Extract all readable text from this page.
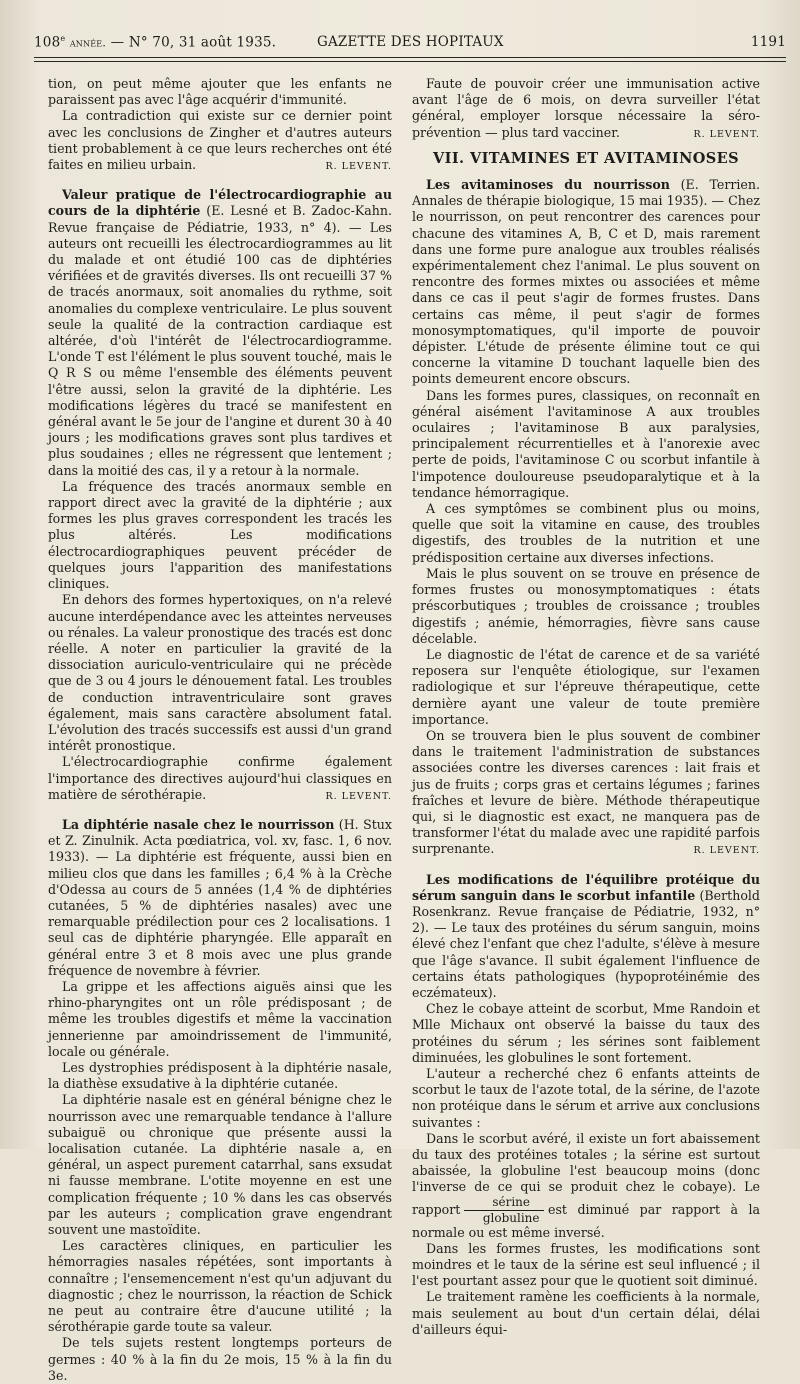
108e année. — N° 70, 31 août 1935.	GAZETTE DES HOPITAUX	1191

tion, on peut même ajouter que les enfants ne paraissent pas avec l'âge acquérir d'immunité.

La contradiction qui existe sur ce dernier point avec les conclusions de Zingher et d'autres auteurs tient probablement à ce que leurs recherches ont été faites en milieu urbain.	R. LEVENT.

Valeur pratique de l'électrocardiographie au cours de la diphtérie (E. Lesné et B. Zadoc-Kahn. Revue française de Pédiatrie, 1933, n° 4). — Les auteurs ont recueilli les électrocardiogrammes au lit du malade et ont étudié 100 cas de diphtéries vérifiées et de gravités diverses. Ils ont recueilli 37 % de tracés anormaux, soit anomalies du rythme, soit anomalies du complexe ventriculaire. Le plus souvent seule la qualité de la contraction cardiaque est altérée, d'où l'intérêt de l'électrocardiogramme. L'onde T est l'élément le plus souvent touché, mais le Q R S ou même l'ensemble des éléments peuvent l'être aussi, selon la gravité de la diphtérie. Les modifications légères du tracé se manifestent en général avant le 5e jour de l'angine et durent 30 à 40 jours ; les modifications graves sont plus tardives et plus soudaines ; elles ne régressent que lentement ; dans la moitié des cas, il y a retour à la normale.

La fréquence des tracés anormaux semble en rapport direct avec la gravité de la diphtérie ; aux formes les plus graves correspondent les tracés les plus altérés. Les modifications électrocardiographiques peuvent précéder de quelques jours l'apparition des manifestations cliniques.

En dehors des formes hypertoxiques, on n'a relevé aucune interdépendance avec les atteintes nerveuses ou rénales. La valeur pronostique des tracés est donc réelle. A noter en particulier la gravité de la dissociation auriculo-ventriculaire qui ne précède que de 3 ou 4 jours le dénouement fatal. Les troubles de conduction intraventriculaire sont graves également, mais sans caractère absolument fatal. L'évolution des tracés successifs est aussi d'un grand intérêt pronostique.

L'électrocardiographie confirme également l'importance des directives aujourd'hui classiques en matière de sérothérapie.	R. LEVENT.

La diphtérie nasale chez le nourrisson (H. Stux et Z. Zinulnik. Acta pœdiatrica, vol. xv, fasc. 1, 6 nov. 1933). — La diphtérie est fréquente, aussi bien en milieu clos que dans les familles ; 6,4 % à la Crèche d'Odessa au cours de 5 années (1,4 % de diphtéries cutanées, 5 % de diphtéries nasales) avec une remarquable prédilection pour ces 2 localisations. 1 seul cas de diphtérie pharyngée. Elle apparaît en général entre 3 et 8 mois avec une plus grande fréquence de novembre à février.

La grippe et les affections aiguës ainsi que les rhino-pharyngites ont un rôle prédisposant ; de même les troubles digestifs et même la vaccination jennerienne par amoindrissement de l'immunité, locale ou générale.

Les dystrophies prédisposent à la diphtérie nasale, la diathèse exsudative à la diphtérie cutanée.

La diphtérie nasale est en général bénigne chez le nourrisson avec une remarquable tendance à l'allure subaiguë ou chronique que présente aussi la localisation cutanée. La diphtérie nasale a, en général, un aspect purement catarrhal, sans exsudat ni fausse membrane. L'otite moyenne en est une complication fréquente ; 10 % dans les cas observés par les auteurs ; complication grave engendrant souvent une mastoïdite.

Les caractères cliniques, en particulier les hémorragies nasales répétées, sont importants à connaître ; l'ensemencement n'est qu'un adjuvant du diagnostic ; chez le nourrisson, la réaction de Schick ne peut au contraire être d'aucune utilité ; la sérothérapie garde toute sa valeur.

De tels sujets restent longtemps porteurs de germes : 40 % à la fin du 2e mois, 15 % à la fin du 3e.

Faute de pouvoir créer une immunisation active avant l'âge de 6 mois, on devra surveiller l'état général, employer lorsque nécessaire la séro-prévention — plus tard vacciner.	R. LEVENT.

VII. VITAMINES ET AVITAMINOSES

Les avitaminoses du nourrisson (E. Terrien. Annales de thérapie biologique, 15 mai 1935). — Chez le nourrisson, on peut rencontrer des carences pour chacune des vitamines A, B, C et D, mais rarement dans une forme pure analogue aux troubles réalisés expérimentalement chez l'animal. Le plus souvent on rencontre des formes mixtes ou associées et même dans ce cas il peut s'agir de formes frustes. Dans certains cas même, il peut s'agir de formes monosymptomatiques, qu'il importe de pouvoir dépister. L'étude de présente élimine tout ce qui concerne la vitamine D touchant laquelle bien des points demeurent encore obscurs.

Dans les formes pures, classiques, on reconnaît en général aisément l'avitaminose A aux troubles oculaires ; l'avitaminose B aux paralysies, principalement récurrentielles et à l'anorexie avec perte de poids, l'avitaminose C ou scorbut infantile à l'impotence douloureuse pseudoparalytique et à la tendance hémorragique.

A ces symptômes se combinent plus ou moins, quelle que soit la vitamine en cause, des troubles digestifs, des troubles de la nutrition et une prédisposition certaine aux diverses infections.

Mais le plus souvent on se trouve en présence de formes frustes ou monosymptomatiques : états préscorbutiques ; troubles de croissance ; troubles digestifs ; anémie, hémorragies, fièvre sans cause décelable.

Le diagnostic de l'état de carence et de sa variété reposera sur l'enquête étiologique, sur l'examen radiologique et sur l'épreuve thérapeutique, cette dernière ayant une valeur de toute première importance.

On se trouvera bien le plus souvent de combiner dans le traitement l'administration de substances associées contre les diverses carences : lait frais et jus de fruits ; corps gras et certains légumes ; farines fraîches et levure de bière. Méthode thérapeutique qui, si le diagnostic est exact, ne manquera pas de transformer l'état du malade avec une rapidité parfois surprenante.	R. LEVENT.

Les modifications de l'équilibre protéique du sérum sanguin dans le scorbut infantile (Berthold Rosenkranz. Revue française de Pédiatrie, 1932, n° 2). — Le taux des protéines du sérum sanguin, moins élevé chez l'enfant que chez l'adulte, s'élève à mesure que l'âge s'avance. Il subit également l'influence de certains états pathologiques (hypoprotéinémie des eczémateux).

Chez le cobaye atteint de scorbut, Mme Randoin et Mlle Michaux ont observé la baisse du taux des protéines du sérum ; les sérines sont faiblement diminuées, les globulines le sont fortement.

L'auteur a recherché chez 6 enfants atteints de scorbut le taux de l'azote total, de la sérine, de l'azote non protéique dans le sérum et arrive aux conclusions suivantes :

Dans le scorbut avéré, il existe un fort abaissement du taux des protéines totales ; la sérine est surtout abaissée, la globuline l'est beaucoup moins (donc l'inverse de ce qui se produit chez le cobaye). Le rapport $\frac{\text{sérine}}{\text{globuline}}$ est diminué par rapport à la normale ou est même inversé.

Dans les formes frustes, les modifications sont moindres et le taux de la sérine est seul influencé ; il l'est pourtant assez pour que le quotient soit diminué.

Le traitement ramène les coefficients à la normale, mais seulement au bout d'un certain délai, délai d'ailleurs équi-
